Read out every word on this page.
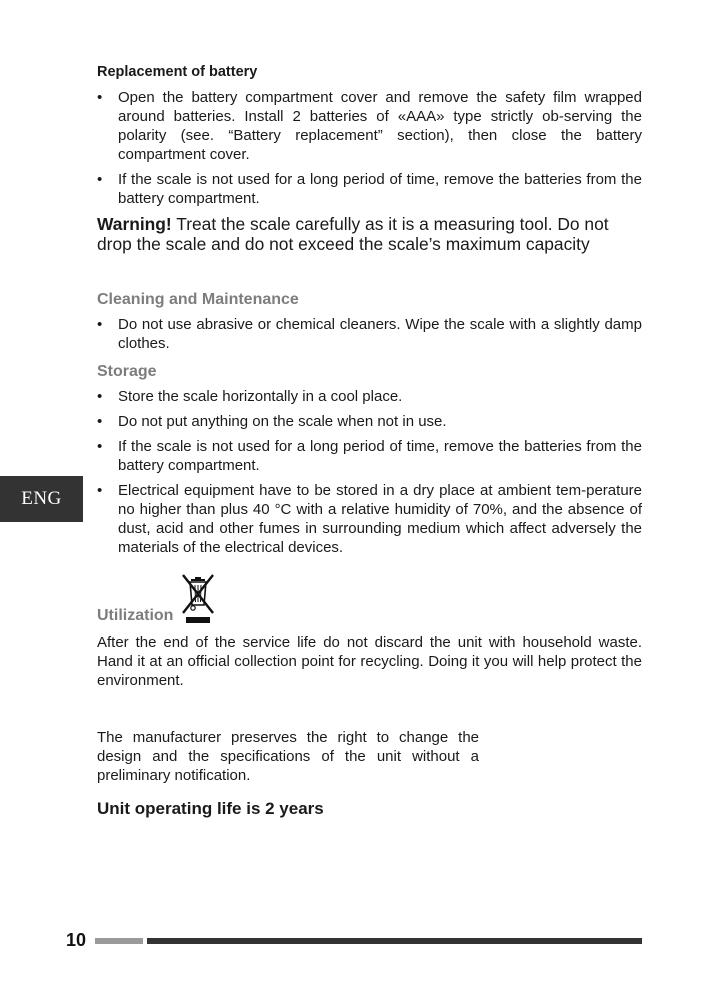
Replacement of battery
• Open the battery compartment cover and remove the safety film wrapped around batteries. Install 2 batteries of «AAA» type strictly ob-serving the polarity (see. “Battery replacement” section), then close the battery compartment cover.
• If the scale is not used for a long period of time, remove the batteries from the battery compartment.
Warning! Treat the scale carefully as it is a measuring tool. Do not drop the scale and do not exceed the scale’s maximum capacity
Cleaning and Maintenance
• Do not use abrasive or chemical cleaners. Wipe the scale with a slightly damp clothes.
Storage
• Store the scale horizontally in a cool place.
• Do not put anything on the scale when not in use.
• If the scale is not used for a long period of time, remove the batteries from the battery compartment.
• Electrical equipment have to be stored in a dry place at ambient tem-perature no higher than plus 40 °C with a relative humidity of 70%, and the absence of dust, acid and other fumes in surrounding medium which affect adversely the materials of the electrical devices.
Utilization
After the end of the service life do not discard the unit with household waste. Hand it at an official collection point for recycling. Doing it you will help protect the environment.
The manufacturer preserves the right to change the design and the specifications of the unit without a preliminary notification.
Unit operating life is 2 years
ENG
10
